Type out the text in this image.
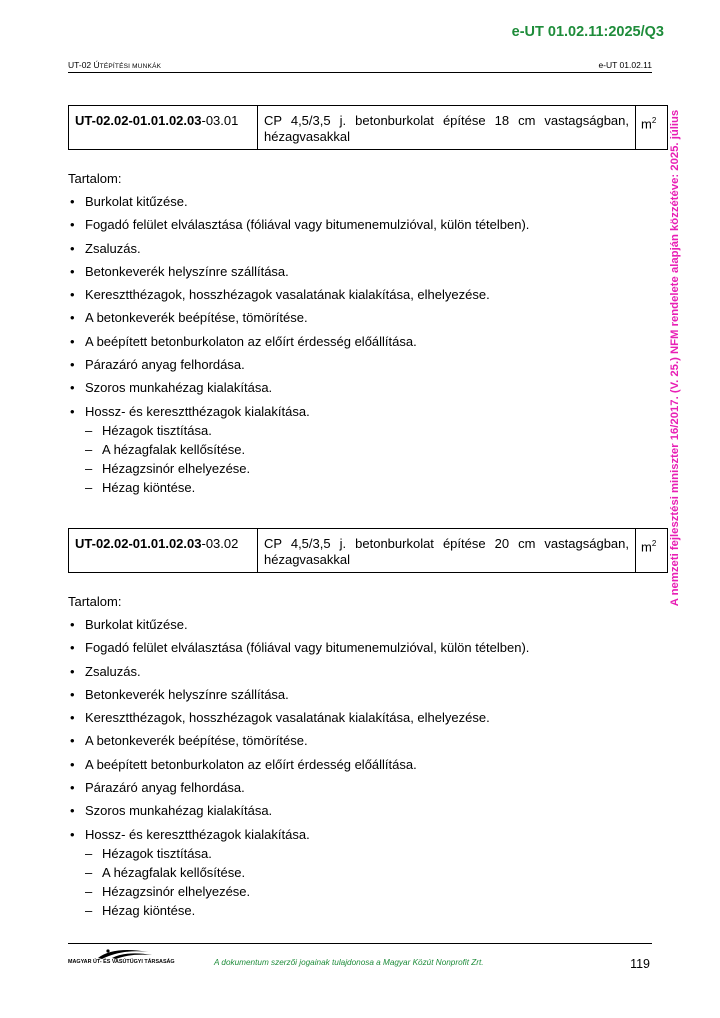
e-UT 01.02.11:2025/Q3
UT-02 ÚTÉPÍTÉSI MUNKÁK	e-UT 01.02.11
A nemzeti fejlesztési miniszter 16/2017. (V. 25.) NFM rendelete alapján közzétéve: 2025. július
UT-02.02-01.01.02.03-03.01	CP 4,5/3,5 j. betonburkolat építése 18 cm vastagságban, hézagvasakkal	$m^2$
Tartalom:
• Burkolat kitűzése.
• Fogadó felület elválasztása (fóliával vagy bitumenemulzióval, külön tételben).
• Zsaluzás.
• Betonkeverék helyszínre szállítása.
• Keresztthézagok, hosszhézagok vasalatának kialakítása, elhelyezése.
• A betonkeverék beépítése, tömörítése.
• A beépített betonburkolaton az előírt érdesség előállítása.
• Párazáró anyag felhordása.
• Szoros munkahézag kialakítása.
• Hossz- és keresztthézagok kialakítása.
– Hézagok tisztítása.
– A hézagfalak kellősítése.
– Hézagzsinór elhelyezése.
– Hézag kiöntése.
UT-02.02-01.01.02.03-03.02	CP 4,5/3,5 j. betonburkolat építése 20 cm vastagságban, hézagvasakkal	$m^2$
Tartalom:
• Burkolat kitűzése.
• Fogadó felület elválasztása (fóliával vagy bitumenemulzióval, külön tételben).
• Zsaluzás.
• Betonkeverék helyszínre szállítása.
• Keresztthézagok, hosszhézagok vasalatának kialakítása, elhelyezése.
• A betonkeverék beépítése, tömörítése.
• A beépített betonburkolaton az előírt érdesség előállítása.
• Párazáró anyag felhordása.
• Szoros munkahézag kialakítása.
• Hossz- és keresztthézagok kialakítása.
– Hézagok tisztítása.
– A hézagfalak kellősítése.
– Hézagzsinór elhelyezése.
– Hézag kiöntése.
MAGYAR ÚT- ÉS VASÚTÜGYI TÁRSASÁG	A dokumentum szerzői jogainak tulajdonosa a Magyar Közút Nonprofit Zrt.	119
